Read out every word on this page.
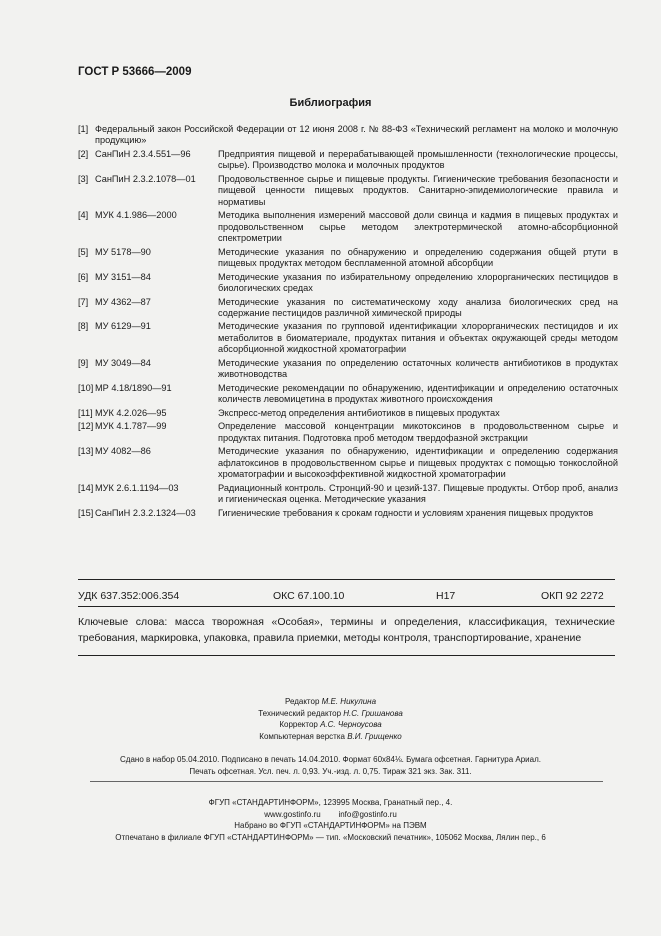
ГОСТ Р 53666—2009
Библиография
[1] Федеральный закон Российской Федерации от 12 июня 2008 г. № 88-ФЗ «Технический регламент на молоко и молочную продукцию»
[2] СанПиН 2.3.4.551—96	Предприятия пищевой и перерабатывающей промышленности (технологические процессы, сырье). Производство молока и молочных продуктов
[3] СанПиН 2.3.2.1078—01	Продовольственное сырье и пищевые продукты. Гигиенические требования безопасности и пищевой ценности пищевых продуктов. Санитарно-эпидемиологические правила и нормативы
[4] МУК 4.1.986—2000	Методика выполнения измерений массовой доли свинца и кадмия в пищевых продуктах и продовольственном сырье методом электротермической атомно-абсорбционной спектрометрии
[5] МУ 5178—90	Методические указания по обнаружению и определению содержания общей ртути в пищевых продуктах методом беспламенной атомной абсорбции
[6] МУ 3151—84	Методические указания по избирательному определению хлорорганических пестицидов в биологических средах
[7] МУ 4362—87	Методические указания по систематическому ходу анализа биологических сред на содержание пестицидов различной химической природы
[8] МУ 6129—91	Методические указания по групповой идентификации хлорорганических пестицидов и их метаболитов в биоматериале, продуктах питания и объектах окружающей среды методом абсорбционной жидкостной хроматографии
[9] МУ 3049—84	Методические указания по определению остаточных количеств антибиотиков в продуктах животноводства
[10] МР 4.18/1890—91	Методические рекомендации по обнаружению, идентификации и определению остаточных количеств левомицетина в продуктах животного происхождения
[11] МУК 4.2.026—95	Экспресс-метод определения антибиотиков в пищевых продуктах
[12] МУК 4.1.787—99	Определение массовой концентрации микотоксинов в продовольственном сырье и продуктах питания. Подготовка проб методом твердофазной экстракции
[13] МУ 4082—86	Методические указания по обнаружению, идентификации и определению содержания афлатоксинов в продовольственном сырье и пищевых продуктах с помощью тонкослойной хроматографии и высокоэффективной жидкостной хроматографии
[14] МУК 2.6.1.1194—03	Радиационный контроль. Стронций-90 и цезий-137. Пищевые продукты. Отбор проб, анализ и гигиеническая оценка. Методические указания
[15] СанПиН 2.3.2.1324—03	Гигиенические требования к срокам годности и условиям хранения пищевых продуктов
УДК 637.352:006.354	ОКС 67.100.10	Н17	ОКП 92 2272
Ключевые слова: масса творожная «Особая», термины и определения, классификация, технические требования, маркировка, упаковка, правила приемки, методы контроля, транспортирование, хранение
Редактор М.Е. Никулина
Технический редактор Н.С. Гришанова
Корректор А.С. Черноусова
Компьютерная верстка В.И. Грищенко
Сдано в набор 05.04.2010. Подписано в печать 14.04.2010. Формат 60x84⅛. Бумага офсетная. Гарнитура Ариал.
Печать офсетная. Усл. печ. л. 0,93. Уч.-изд. л. 0,75. Тираж 321 экз. Зак. 311.
ФГУП «СТАНДАРТИНФОРМ», 123995 Москва, Гранатный пер., 4.
www.gostinfo.ru        info@gostinfo.ru
Набрано во ФГУП «СТАНДАРТИНФОРМ» на ПЭВМ
Отпечатано в филиале ФГУП «СТАНДАРТИНФОРМ» — тип. «Московский печатник», 105062 Москва, Лялин пер., 6
